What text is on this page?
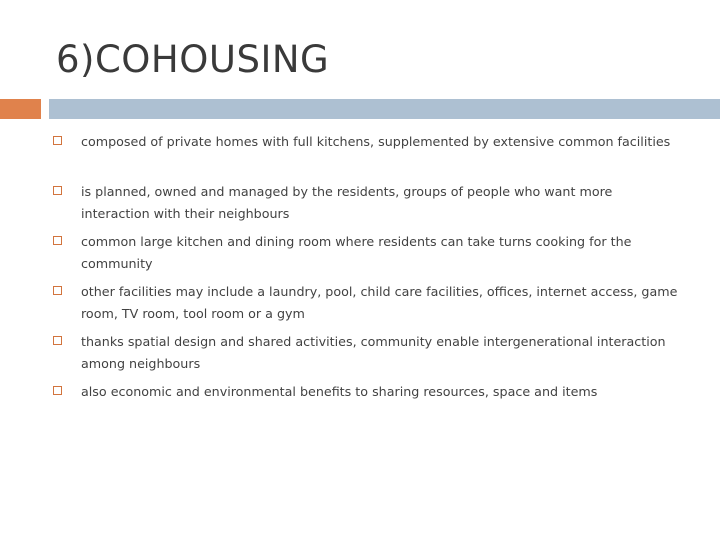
6)COHOUSING
composed of private homes with full kitchens, supplemented by extensive common facilities
is planned, owned and managed by the residents, groups of people who want more interaction with their neighbours
common large kitchen and dining room where residents can take turns cooking for the community
other facilities may include a laundry, pool, child care facilities, offices, internet access, game room, TV room, tool room or a gym
thanks spatial design and shared activities, community enable intergenerational interaction among neighbours
also economic and environmental benefits to sharing resources, space and items
